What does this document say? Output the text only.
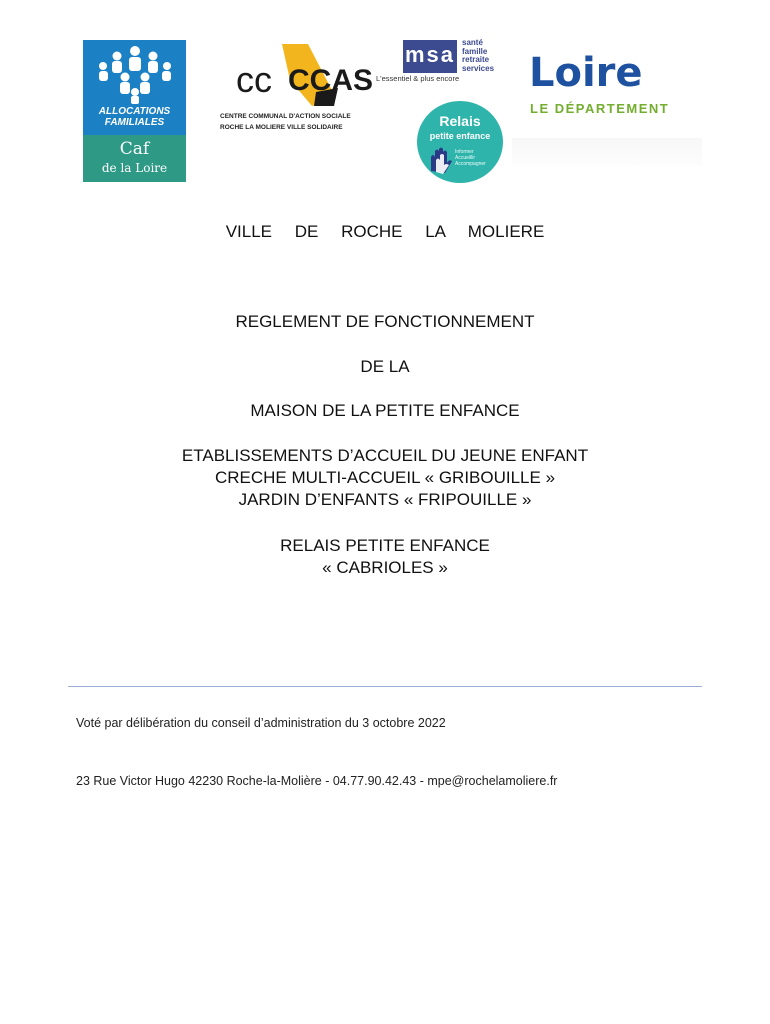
ALLOCATIONS FAMILIALES
Caf
de la Loire
cc CCAS
CENTRE COMMUNAL D'ACTION SOCIALE
ROCHE LA MOLIERE VILLE SOLIDAIRE
msa santé
famille
retraite
services
L'essentiel & plus encore
Relais
petite enfance
Informer
Accueillir
Accompagner
Loire
LE DÉPARTEMENT
VILLE DE ROCHE LA MOLIERE
REGLEMENT DE FONCTIONNEMENT
DE LA
MAISON DE LA PETITE ENFANCE
ETABLISSEMENTS D’ACCUEIL DU JEUNE ENFANT
CRECHE MULTI-ACCUEIL « GRIBOUILLE »
JARDIN D’ENFANTS « FRIPOUILLE »
RELAIS PETITE ENFANCE
« CABRIOLES »
Voté par délibération du conseil d’administration du 3 octobre 2022
23 Rue Victor Hugo 42230 Roche-la-Molière - 04.77.90.42.43 - mpe@rochelamoliere.fr
